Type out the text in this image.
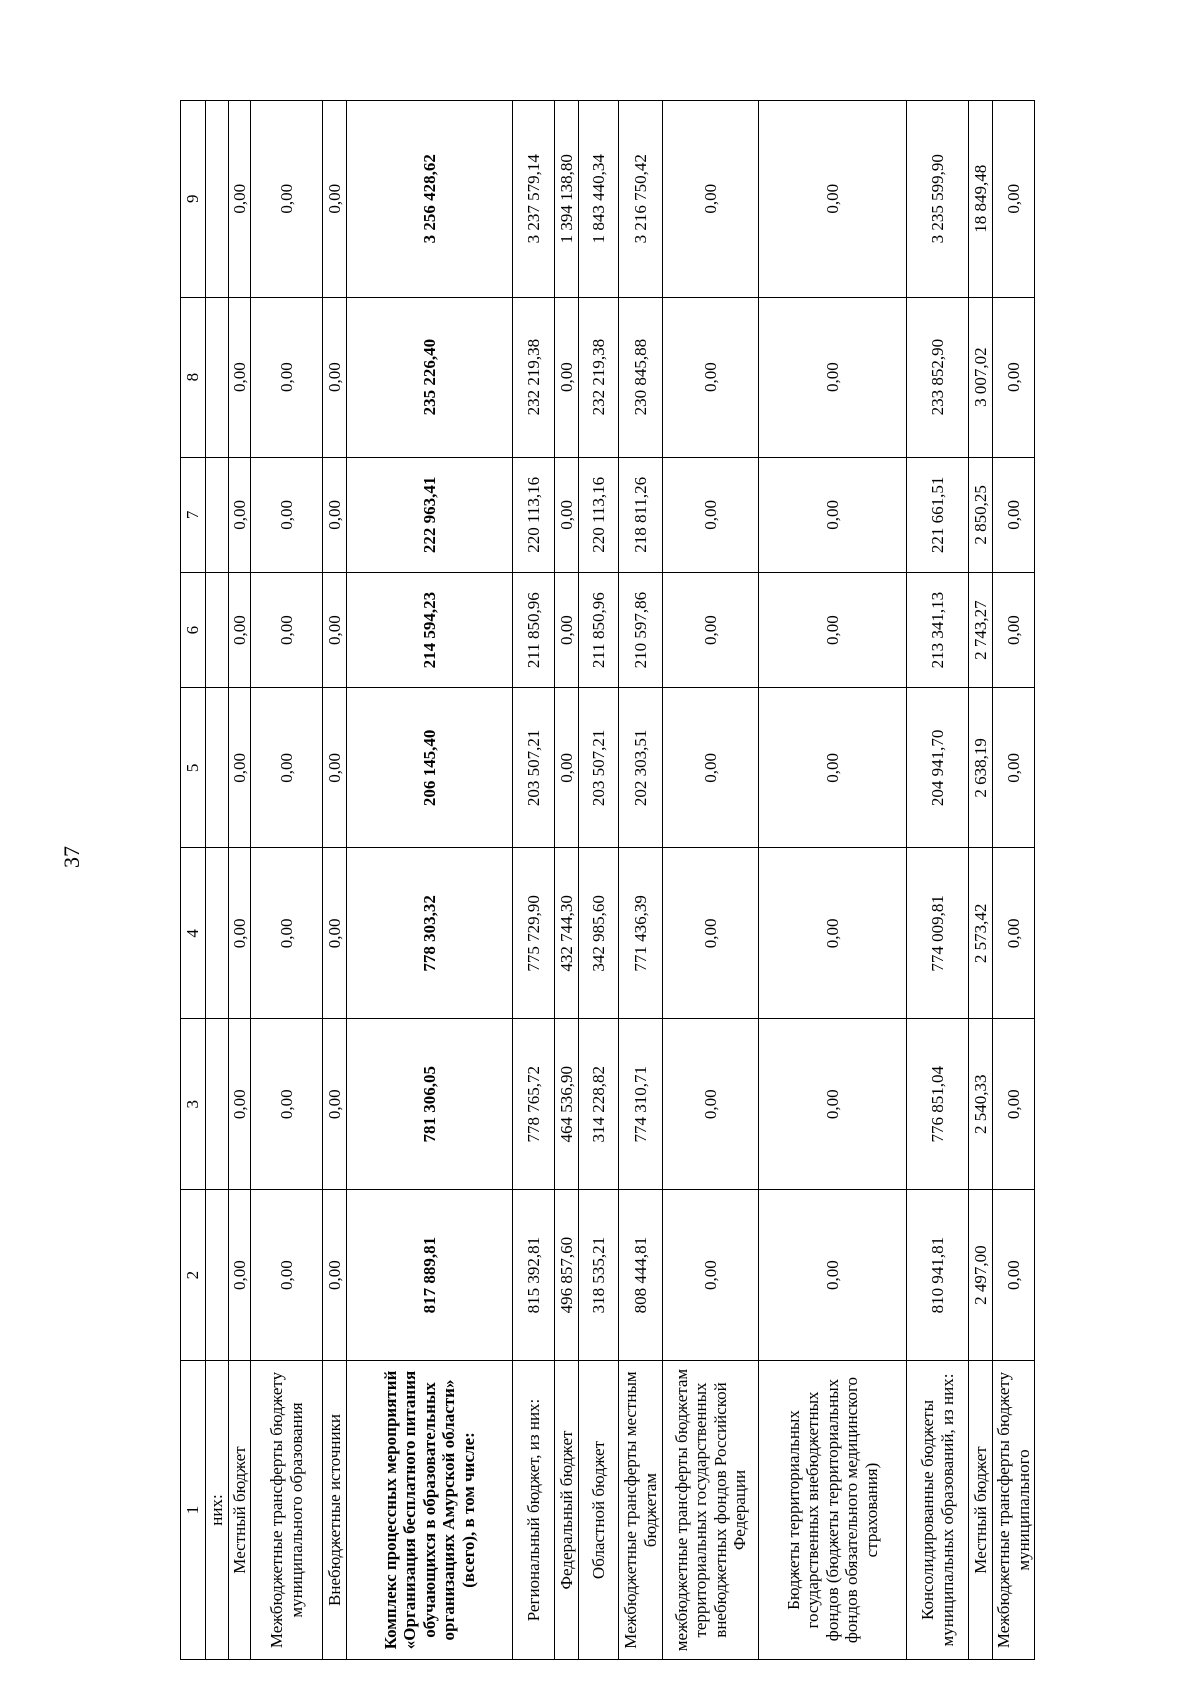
37
1	2	3	4	5	6	7	8	9
них:								
Местный бюджет	0,00	0,00	0,00	0,00	0,00	0,00	0,00	0,00
Межбюджетные трансферты бюджету муниципального образования	0,00	0,00	0,00	0,00	0,00	0,00	0,00	0,00
Внебюджетные источники	0,00	0,00	0,00	0,00	0,00	0,00	0,00	0,00
Комплекс процессных мероприятий «Организация бесплатного питания обучающихся в образовательных организациях Амурской области» (всего), в том числе:	817 889,81	781 306,05	778 303,32	206 145,40	214 594,23	222 963,41	235 226,40	3 256 428,62
Региональный бюджет, из них:	815 392,81	778 765,72	775 729,90	203 507,21	211 850,96	220 113,16	232 219,38	3 237 579,14
Федеральный бюджет	496 857,60	464 536,90	432 744,30	0,00	0,00	0,00	0,00	1 394 138,80
Областной бюджет	318 535,21	314 228,82	342 985,60	203 507,21	211 850,96	220 113,16	232 219,38	1 843 440,34
Межбюджетные трансферты местным бюджетам	808 444,81	774 310,71	771 436,39	202 303,51	210 597,86	218 811,26	230 845,88	3 216 750,42
межбюджетные трансферты бюджетам территориальных государственных внебюджетных фондов Российской Федерации	0,00	0,00	0,00	0,00	0,00	0,00	0,00	0,00
Бюджеты территориальных государственных внебюджетных фондов (бюджеты территориальных фондов обязательного медицинского страхования)	0,00	0,00	0,00	0,00	0,00	0,00	0,00	0,00
Консолидированные бюджеты муниципальных образований, из них:	810 941,81	776 851,04	774 009,81	204 941,70	213 341,13	221 661,51	233 852,90	3 235 599,90
Местный бюджет	2 497,00	2 540,33	2 573,42	2 638,19	2 743,27	2 850,25	3 007,02	18 849,48
Межбюджетные трансферты бюджету муниципального	0,00	0,00	0,00	0,00	0,00	0,00	0,00	0,00
